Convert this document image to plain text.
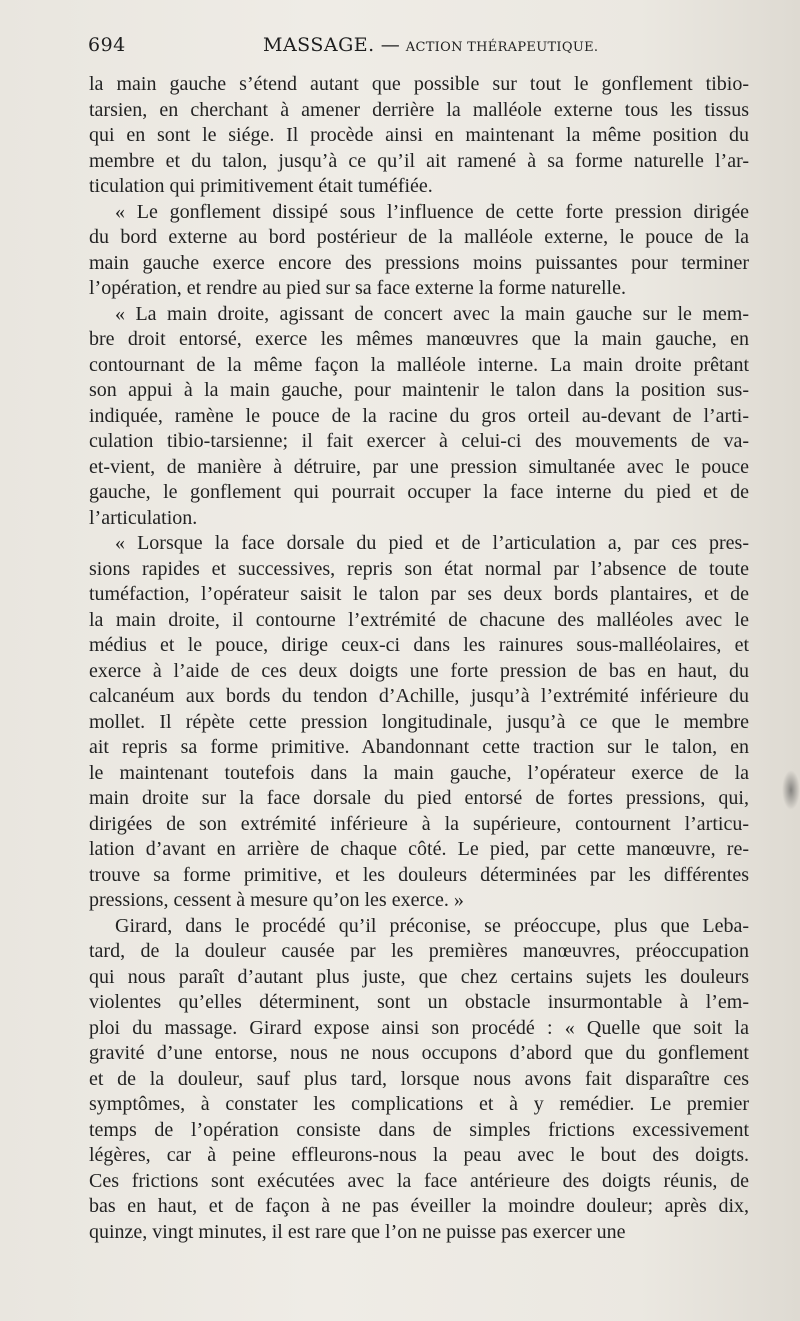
694	MASSAGE. — ACTION THÉRAPEUTIQUE.

la main gauche s’étend autant que possible sur tout le gonflement tibio-
tarsien, en cherchant à amener derrière la malléole externe tous les tissus
qui en sont le siége. Il procède ainsi en maintenant la même position du
membre et du talon, jusqu’à ce qu’il ait ramené à sa forme naturelle l’ar-
ticulation qui primitivement était tuméfiée.

« Le gonflement dissipé sous l’influence de cette forte pression dirigée
du bord externe au bord postérieur de la malléole externe, le pouce de la
main gauche exerce encore des pressions moins puissantes pour terminer
l’opération, et rendre au pied sur sa face externe la forme naturelle.

« La main droite, agissant de concert avec la main gauche sur le mem-
bre droit entorsé, exerce les mêmes manœuvres que la main gauche, en
contournant de la même façon la malléole interne. La main droite prêtant
son appui à la main gauche, pour maintenir le talon dans la position sus-
indiquée, ramène le pouce de la racine du gros orteil au-devant de l’arti-
culation tibio-tarsienne; il fait exercer à celui-ci des mouvements de va-
et-vient, de manière à détruire, par une pression simultanée avec le pouce
gauche, le gonflement qui pourrait occuper la face interne du pied et de
l’articulation.

« Lorsque la face dorsale du pied et de l’articulation a, par ces pres-
sions rapides et successives, repris son état normal par l’absence de toute
tuméfaction, l’opérateur saisit le talon par ses deux bords plantaires, et de
la main droite, il contourne l’extrémité de chacune des malléoles avec le
médius et le pouce, dirige ceux-ci dans les rainures sous-malléolaires, et
exerce à l’aide de ces deux doigts une forte pression de bas en haut, du
calcanéum aux bords du tendon d’Achille, jusqu’à l’extrémité inférieure du
mollet. Il répète cette pression longitudinale, jusqu’à ce que le membre
ait repris sa forme primitive. Abandonnant cette traction sur le talon, en
le maintenant toutefois dans la main gauche, l’opérateur exerce de la
main droite sur la face dorsale du pied entorsé de fortes pressions, qui,
dirigées de son extrémité inférieure à la supérieure, contournent l’articu-
lation d’avant en arrière de chaque côté. Le pied, par cette manœuvre, re-
trouve sa forme primitive, et les douleurs déterminées par les différentes
pressions, cessent à mesure qu’on les exerce. »

Girard, dans le procédé qu’il préconise, se préoccupe, plus que Leba-
tard, de la douleur causée par les premières manœuvres, préoccupation
qui nous paraît d’autant plus juste, que chez certains sujets les douleurs
violentes qu’elles déterminent, sont un obstacle insurmontable à l’em-
ploi du massage. Girard expose ainsi son procédé : « Quelle que soit la
gravité d’une entorse, nous ne nous occupons d’abord que du gonflement
et de la douleur, sauf plus tard, lorsque nous avons fait disparaître ces
symptômes, à constater les complications et à y remédier. Le premier
temps de l’opération consiste dans de simples frictions excessivement
légères, car à peine effleurons-nous la peau avec le bout des doigts.
Ces frictions sont exécutées avec la face antérieure des doigts réunis, de
bas en haut, et de façon à ne pas éveiller la moindre douleur; après dix,
quinze, vingt minutes, il est rare que l’on ne puisse pas exercer une
